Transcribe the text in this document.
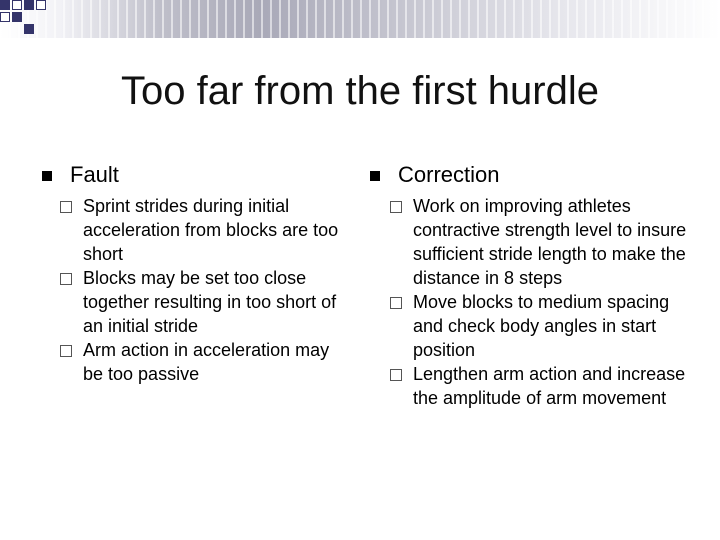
Too far from the first hurdle
Fault
Sprint strides during initial acceleration from blocks are too short
Blocks may be set too close together resulting in too short of an initial stride
Arm action in acceleration may be too passive
Correction
Work on improving athletes contractive strength level to insure sufficient stride length to make the distance in 8 steps
Move blocks to medium spacing and check body angles in start position
Lengthen arm action and increase the amplitude of arm movement
